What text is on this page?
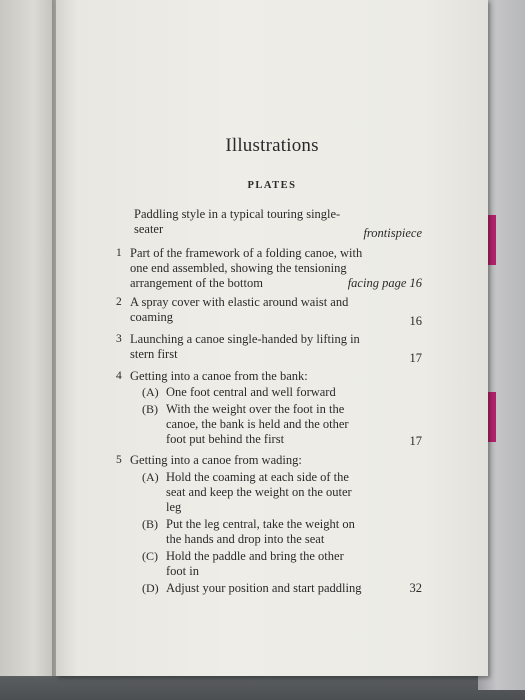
Illustrations
PLATES
Paddling style in a typical touring single-
seater	frontispiece
1 Part of the framework of a folding canoe, with
one end assembled, showing the tensioning
arrangement of the bottom	facing page 16
2 A spray cover with elastic around waist and
coaming	16
3 Launching a canoe single-handed by lifting in
stern first	17
4 Getting into a canoe from the bank:
(A) One foot central and well forward
(B) With the weight over the foot in the
canoe, the bank is held and the other
foot put behind the first	17
5 Getting into a canoe from wading:
(A) Hold the coaming at each side of the
seat and keep the weight on the outer
leg
(B) Put the leg central, take the weight on
the hands and drop into the seat
(C) Hold the paddle and bring the other
foot in
(D) Adjust your position and start paddling	32
